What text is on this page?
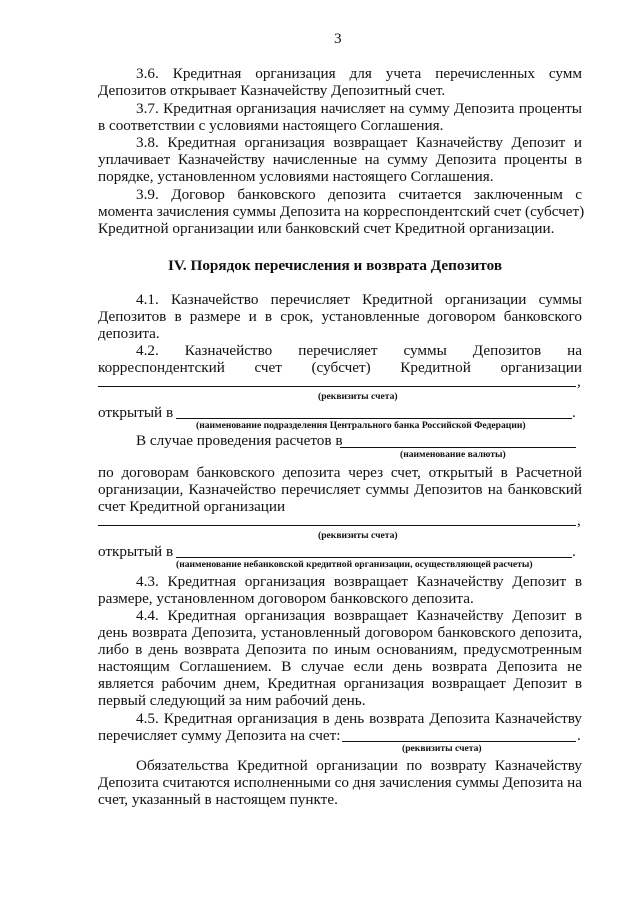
3
3.6. Кредитная организация для учета перечисленных сумм
Депозитов открывает Казначейству Депозитный счет.
3.7. Кредитная организация начисляет на сумму Депозита проценты
в соответствии с условиями настоящего Соглашения.
3.8. Кредитная организация возвращает Казначейству Депозит и
уплачивает Казначейству начисленные на сумму Депозита проценты в
порядке, установленном условиями настоящего Соглашения.
3.9. Договор банковского депозита считается заключенным с
момента зачисления суммы Депозита на корреспондентский счет (субсчет)
Кредитной организации или банковский счет Кредитной организации.
IV. Порядок перечисления и возврата Депозитов
4.1. Казначейство перечисляет Кредитной организации суммы
Депозитов в размере и в срок, установленные договором банковского
депозита.
4.2. Казначейство перечисляет суммы Депозитов на
корреспондентский счет (субсчет) Кредитной организации
,
(реквизиты счета)
открытый в	.
(наименование подразделения Центрального банка Российской Федерации)
В случае проведения расчетов в
(наименование валюты)
по договорам банковского депозита через счет, открытый в Расчетной
организации, Казначейство перечисляет суммы Депозитов на банковский
счет Кредитной организации
,
(реквизиты счета)
открытый в	.
(наименование небанковской кредитной организации, осуществляющей расчеты)
4.3. Кредитная организация возвращает Казначейству Депозит в
размере, установленном договором банковского депозита.
4.4. Кредитная организация возвращает Казначейству Депозит в
день возврата Депозита, установленный договором банковского депозита,
либо в день возврата Депозита по иным основаниям, предусмотренным
настоящим Соглашением. В случае если день возврата Депозита не
является рабочим днем, Кредитная организация возвращает Депозит в
первый следующий за ним рабочий день.
4.5. Кредитная организация в день возврата Депозита Казначейству
перечисляет сумму Депозита на счет:	.
(реквизиты счета)
Обязательства Кредитной организации по возврату Казначейству
Депозита считаются исполненными со дня зачисления суммы Депозита на
счет, указанный в настоящем пункте.
